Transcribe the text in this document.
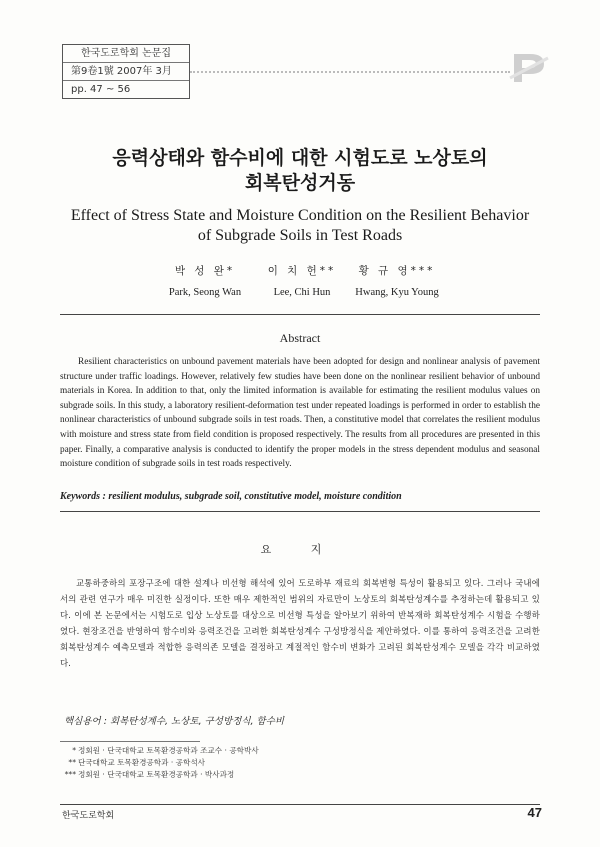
한국도로학회 논문집
第9卷1號 2007年 3月
pp. 47 ~ 56
응력상태와 함수비에 대한 시험도로 노상토의
회복탄성거동
Effect of Stress State and Moisture Condition on the Resilient Behavior
of Subgrade Soils in Test Roads
박 성 완*	이 치 헌**	황 규 영***
Park, Seong Wan	Lee, Chi Hun	Hwang, Kyu Young
Abstract
Resilient characteristics on unbound pavement materials have been adopted for design and nonlinear analysis of pavement structure under traffic loadings. However, relatively few studies have been done on the nonlinear resilient behavior of unbound materials in Korea. In addition to that, only the limited information is available for estimating the resilient modulus values on subgrade soils. In this study, a laboratory resilient-deformation test under repeated loadings is performed in order to establish the nonlinear characteristics of unbound subgrade soils in test roads. Then, a constitutive model that correlates the resilient modulus with moisture and stress state from field condition is proposed respectively. The results from all procedures are presented in this paper. Finally, a comparative analysis is conducted to identify the proper models in the stress dependent modulus and seasonal moisture condition of subgrade soils in test roads respectively.
Keywords : resilient modulus, subgrade soil, constitutive model, moisture condition
요 지
교통하중하의 포장구조에 대한 설계나 비선형 해석에 있어 도로하부 재료의 회복변형 특성이 활용되고 있다. 그러나 국내에서의 관련 연구가 매우 미진한 실정이다. 또한 매우 제한적인 범위의 자료만이 노상토의 회복탄성계수를 추정하는데 활용되고 있다. 이에 본 논문에서는 시험도로 입상 노상토를 대상으로 비선형 특성을 알아보기 위하여 반복재하 회복탄성계수 시험을 수행하였다. 현장조건을 반영하여 함수비와 응력조건을 고려한 회복탄성계수 구성방정식을 제안하였다. 이를 통하여 응력조건을 고려한 회복탄성계수 예측모델과 적합한 응력의존 모델을 결정하고 계절적인 함수비 변화가 고려된 회복탄성계수 모델을 각각 비교하였다.
핵심용어 : 회복탄성계수, 노상토, 구성방정식, 함수비
* 정회원 · 단국대학교 토목환경공학과 조교수 · 공학박사
** 단국대학교 토목환경공학과 · 공학석사
*** 정회원 · 단국대학교 토목환경공학과 · 박사과정
한국도로학회	47
